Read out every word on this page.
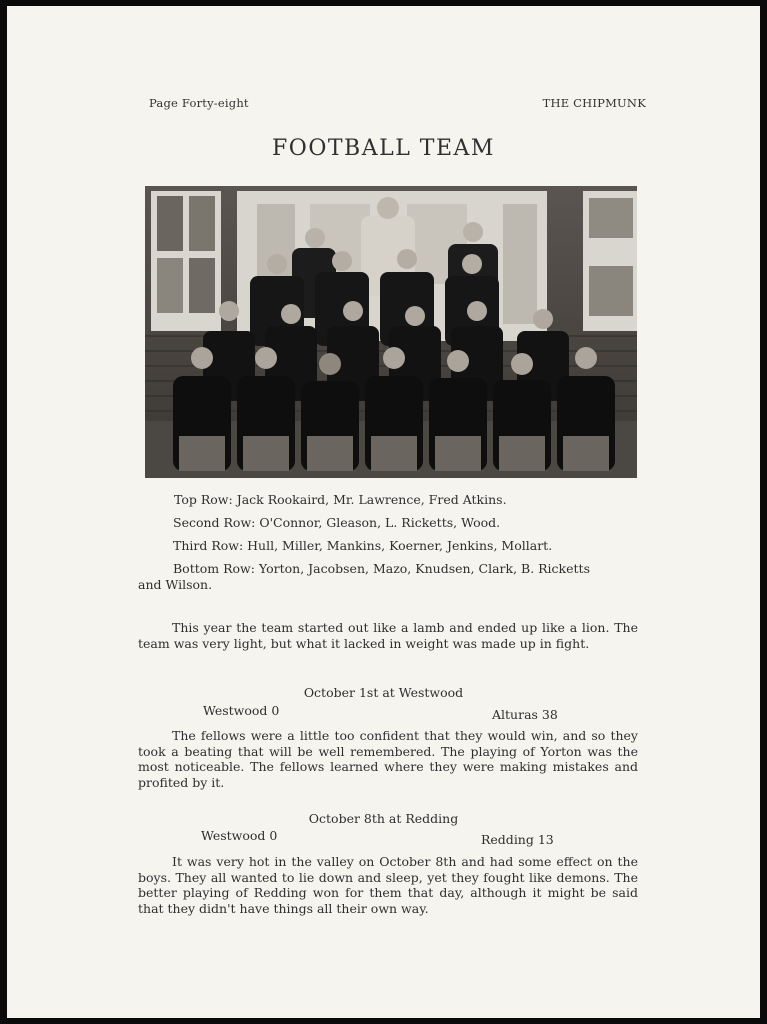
Page Forty-eight	THE CHIPMUNK
FOOTBALL TEAM
Top Row: Jack Rookaird, Mr. Lawrence, Fred Atkins.
Second Row: O'Connor, Gleason, L. Ricketts, Wood.
Third Row: Hull, Miller, Mankins, Koerner, Jenkins, Mollart.
Bottom Row: Yorton, Jacobsen, Mazo, Knudsen, Clark, B. Ricketts
and Wilson.
This year the team started out like a lamb and ended up like a lion. The team was very light, but what it lacked in weight was made up in fight.
October 1st at Westwood
Westwood 0	Alturas 38
The fellows were a little too confident that they would win, and so they took a beating that will be well remembered. The playing of Yorton was the most noticeable. The fellows learned where they were making mistakes and profited by it.
October 8th at Redding
Westwood 0	Redding 13
It was very hot in the valley on October 8th and had some effect on the boys. They all wanted to lie down and sleep, yet they fought like demons. The better playing of Redding won for them that day, although it might be said that they didn't have things all their own way.
